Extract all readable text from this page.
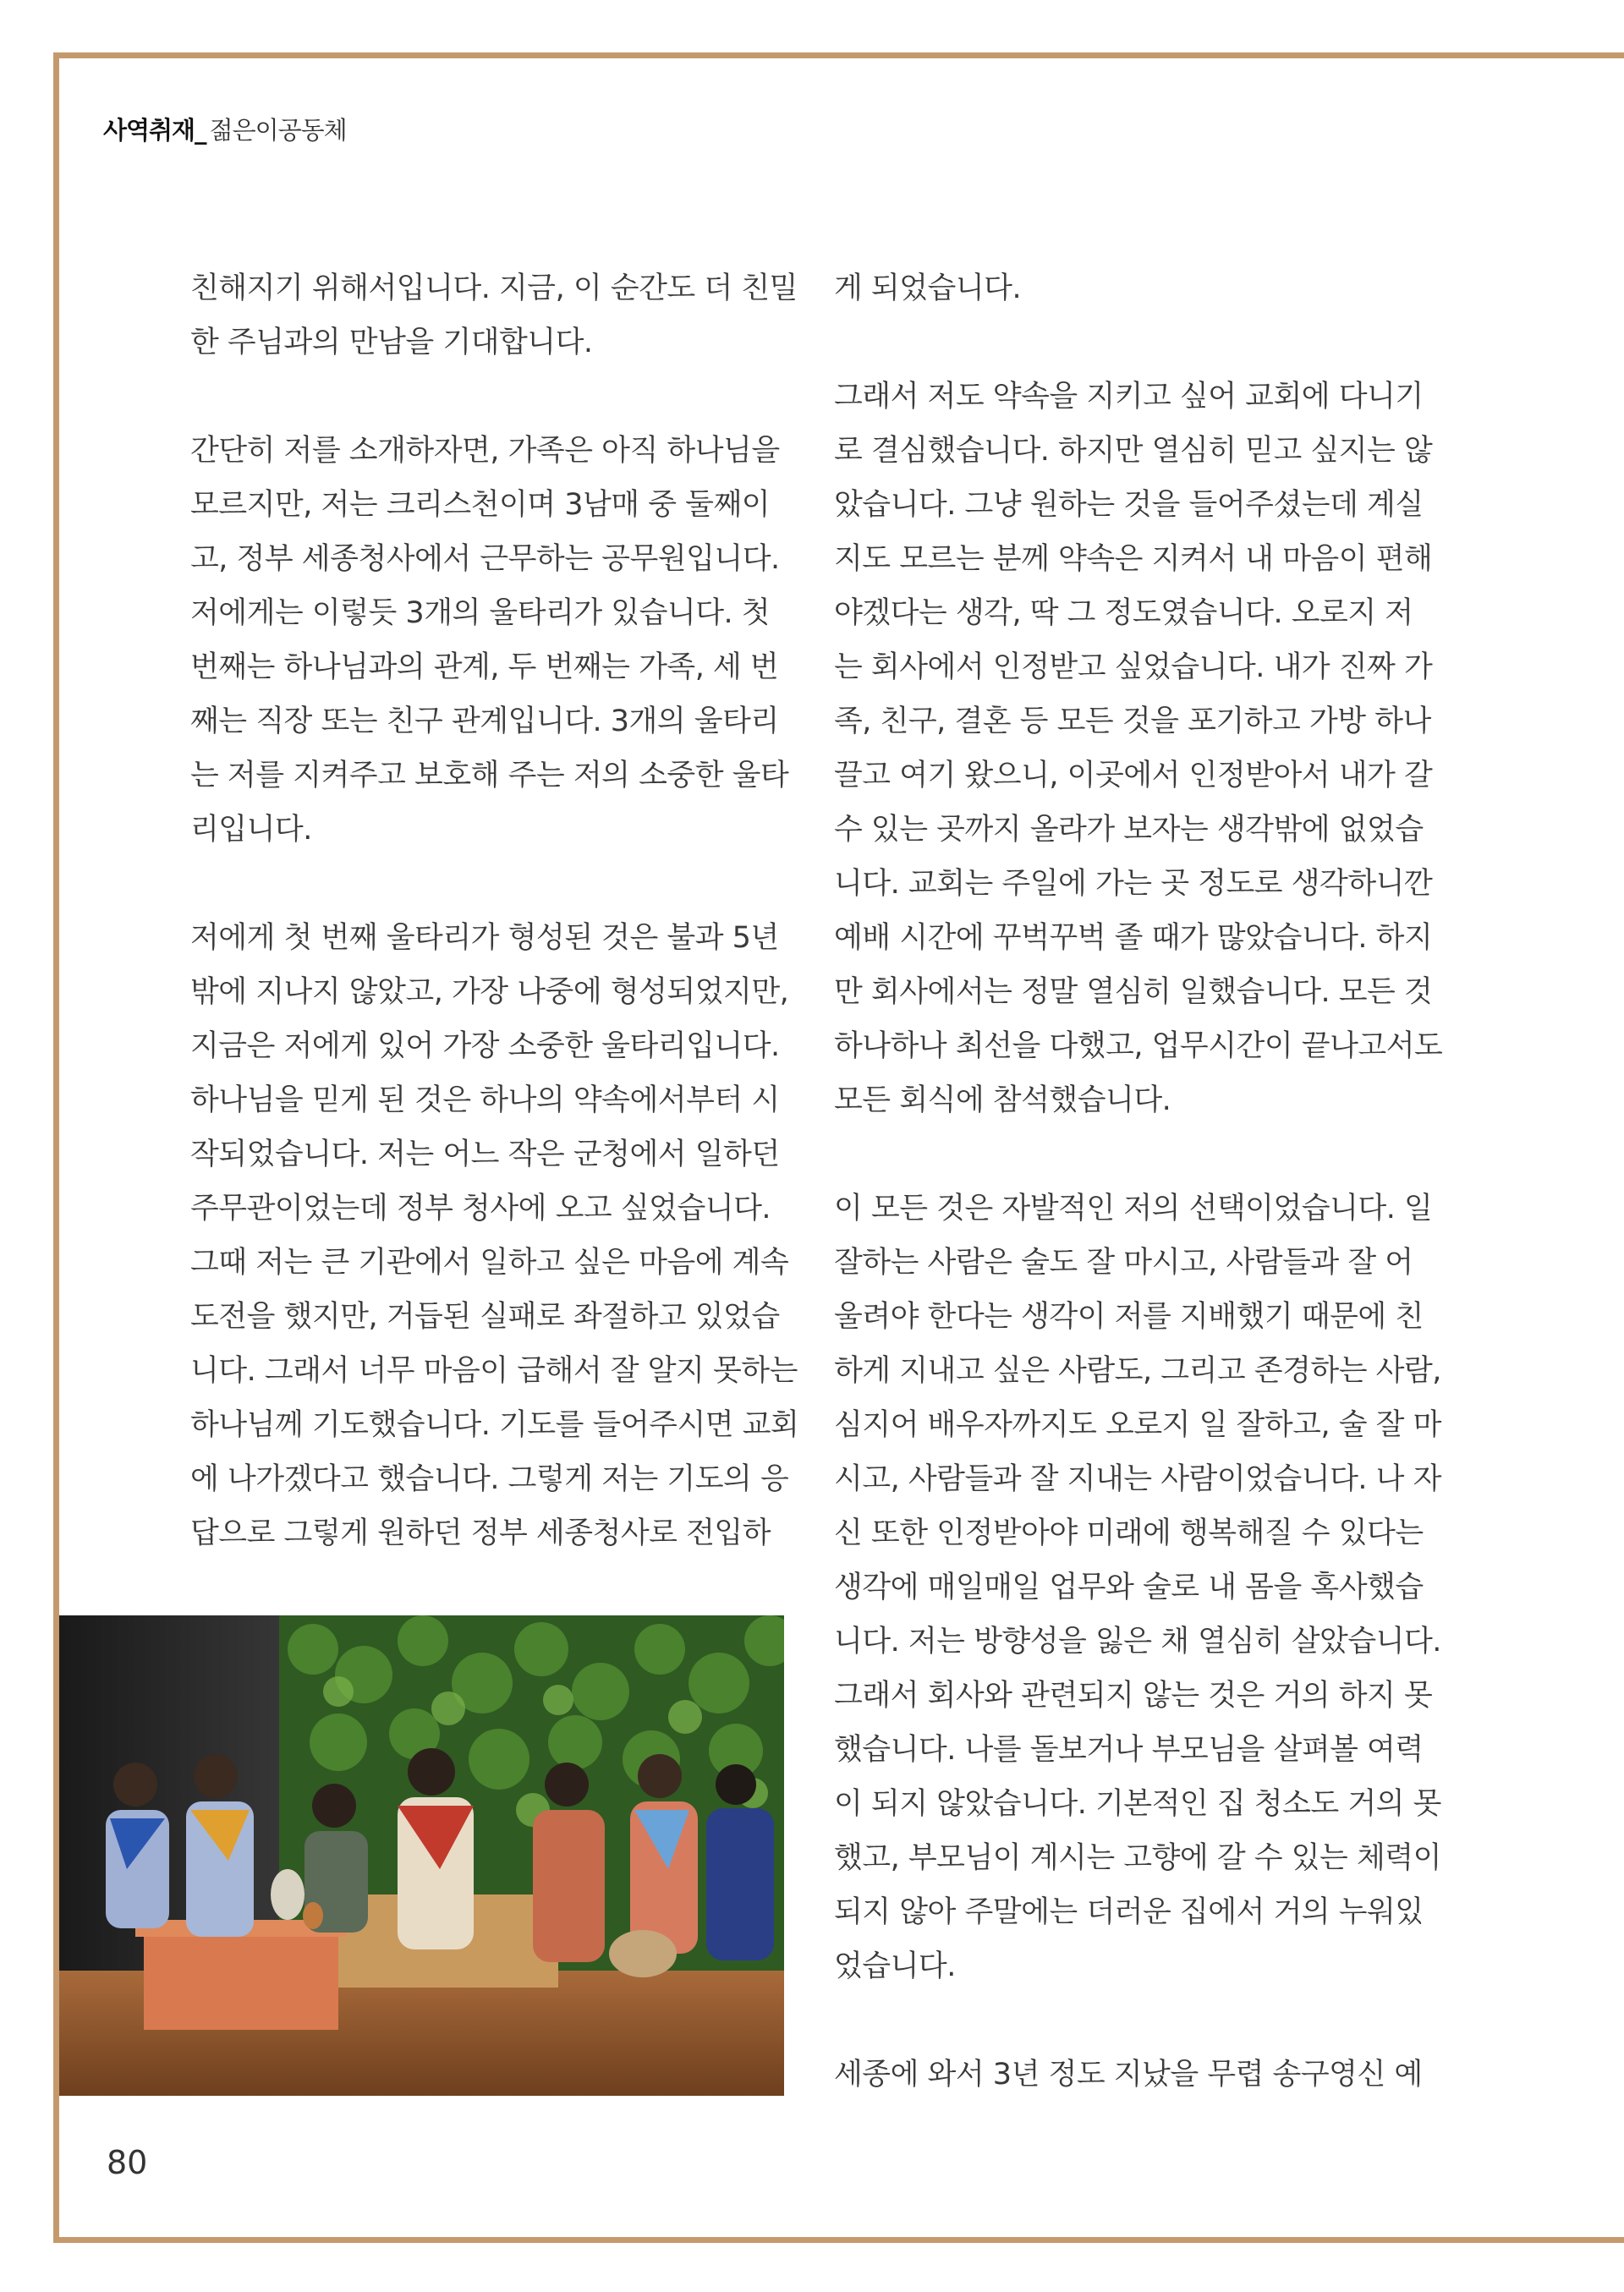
사역취재_ 젊은이공동체

친해지기 위해서입니다. 지금, 이 순간도 더 친밀
한 주님과의 만남을 기대합니다.

간단히 저를 소개하자면, 가족은 아직 하나님을
모르지만, 저는 크리스천이며 3남매 중 둘째이
고, 정부 세종청사에서 근무하는 공무원입니다.
저에게는 이렇듯 3개의 울타리가 있습니다. 첫
번째는 하나님과의 관계, 두 번째는 가족, 세 번
째는 직장 또는 친구 관계입니다. 3개의 울타리
는 저를 지켜주고 보호해 주는 저의 소중한 울타
리입니다.

저에게 첫 번째 울타리가 형성된 것은 불과 5년
밖에 지나지 않았고, 가장 나중에 형성되었지만,
지금은 저에게 있어 가장 소중한 울타리입니다.
하나님을 믿게 된 것은 하나의 약속에서부터 시
작되었습니다. 저는 어느 작은 군청에서 일하던
주무관이었는데 정부 청사에 오고 싶었습니다.
그때 저는 큰 기관에서 일하고 싶은 마음에 계속
도전을 했지만, 거듭된 실패로 좌절하고 있었습
니다. 그래서 너무 마음이 급해서 잘 알지 못하는
하나님께 기도했습니다. 기도를 들어주시면 교회
에 나가겠다고 했습니다. 그렇게 저는 기도의 응
답으로 그렇게 원하던 정부 세종청사로 전입하

게 되었습니다.

그래서 저도 약속을 지키고 싶어 교회에 다니기
로 결심했습니다. 하지만 열심히 믿고 싶지는 않
았습니다. 그냥 원하는 것을 들어주셨는데 계실
지도 모르는 분께 약속은 지켜서 내 마음이 편해
야겠다는 생각, 딱 그 정도였습니다. 오로지 저
는 회사에서 인정받고 싶었습니다. 내가 진짜 가
족, 친구, 결혼 등 모든 것을 포기하고 가방 하나
끌고 여기 왔으니, 이곳에서 인정받아서 내가 갈
수 있는 곳까지 올라가 보자는 생각밖에 없었습
니다. 교회는 주일에 가는 곳 정도로 생각하니깐
예배 시간에 꾸벅꾸벅 졸 때가 많았습니다. 하지
만 회사에서는 정말 열심히 일했습니다. 모든 것
하나하나 최선을 다했고, 업무시간이 끝나고서도
모든 회식에 참석했습니다.

이 모든 것은 자발적인 저의 선택이었습니다. 일
잘하는 사람은 술도 잘 마시고, 사람들과 잘 어
울려야 한다는 생각이 저를 지배했기 때문에 친
하게 지내고 싶은 사람도, 그리고 존경하는 사람,
심지어 배우자까지도 오로지 일 잘하고, 술 잘 마
시고, 사람들과 잘 지내는 사람이었습니다. 나 자
신 또한 인정받아야 미래에 행복해질 수 있다는
생각에 매일매일 업무와 술로 내 몸을 혹사했습
니다. 저는 방향성을 잃은 채 열심히 살았습니다.
그래서 회사와 관련되지 않는 것은 거의 하지 못
했습니다. 나를 돌보거나 부모님을 살펴볼 여력
이 되지 않았습니다. 기본적인 집 청소도 거의 못
했고, 부모님이 계시는 고향에 갈 수 있는 체력이
되지 않아 주말에는 더러운 집에서 거의 누워있
었습니다.

세종에 와서 3년 정도 지났을 무렵 송구영신 예

80
